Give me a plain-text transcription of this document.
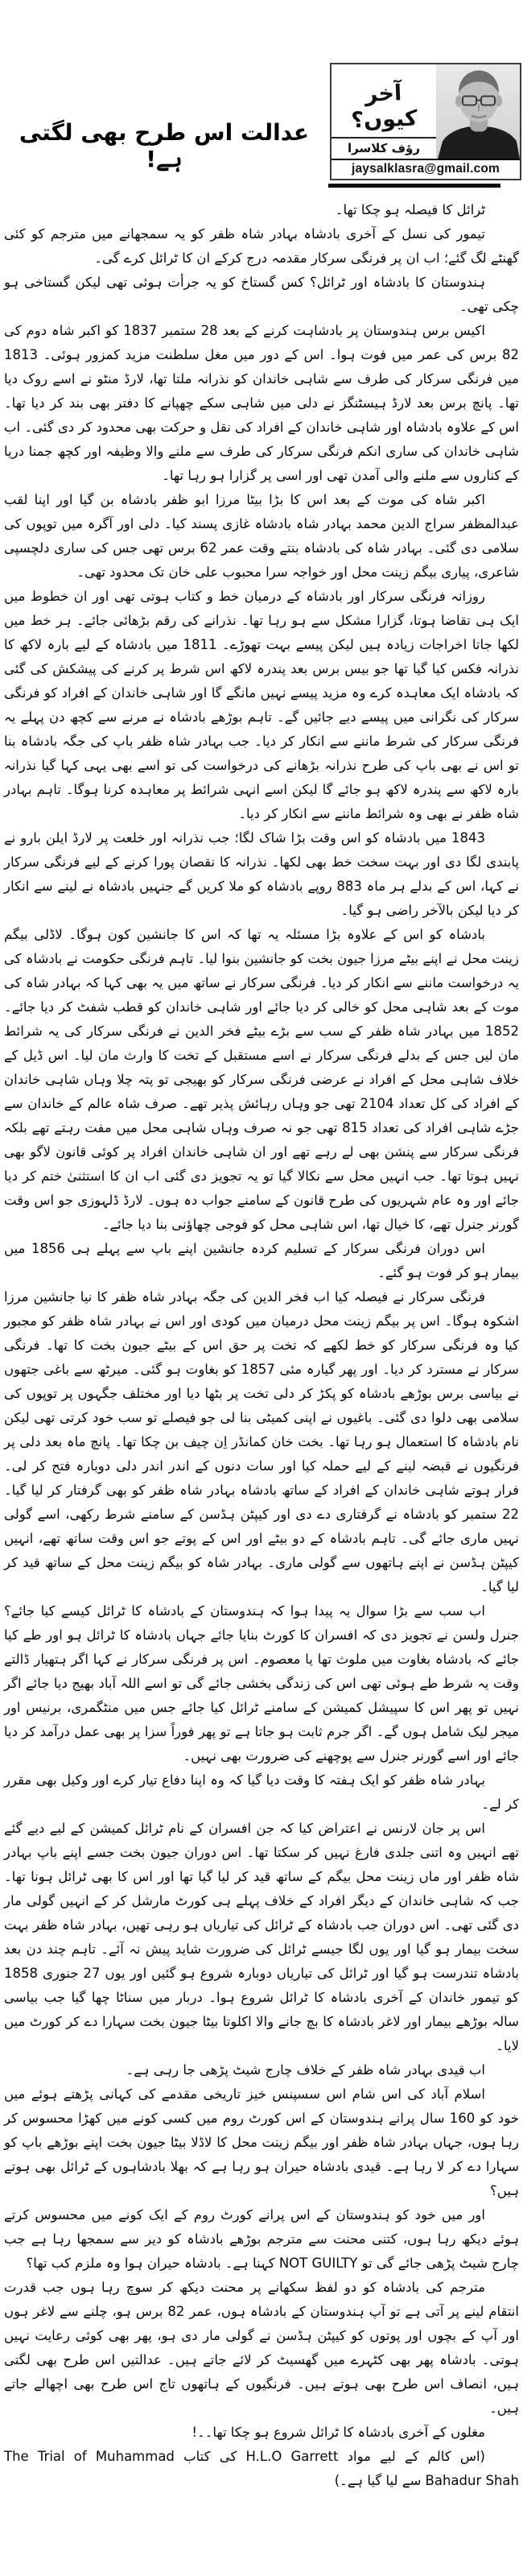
آخر کیوں؟
رؤف کلاسرا
jaysalklasra@gmail.com
عدالت اس طرح بھی لگتی ہے!

ٹرائل کا فیصلہ ہو چکا تھا۔

تیمور کی نسل کے آخری بادشاہ بہادر شاہ ظفر کو یہ سمجھانے میں مترجم کو کئی گھنٹے لگ گئے؛ اب ان پر فرنگی سرکار مقدمہ درج کرکے ان کا ٹرائل کرے گی۔

ہندوستان کا بادشاہ اور ٹرائل؟ کس گستاخ کو یہ جرأت ہوئی تھی لیکن گستاخی ہو چکی تھی۔

اکیس برس ہندوستان پر بادشاہت کرنے کے بعد 28 ستمبر 1837 کو اکبر شاہ دوم کی 82 برس کی عمر میں فوت ہوا۔ اس کے دور میں مغل سلطنت مزید کمزور ہوئی۔ 1813 میں فرنگی سرکار کی طرف سے شاہی خاندان کو نذرانہ ملتا تھا، لارڈ منٹو نے اسے روک دیا تھا۔ پانچ برس بعد لارڈ ہیسٹنگز نے دلی میں شاہی سکے چھپانے کا دفتر بھی بند کر دیا تھا۔ اس کے علاوہ بادشاہ اور شاہی خاندان کے افراد کی نقل و حرکت بھی محدود کر دی گئی۔ اب شاہی خاندان کی ساری انکم فرنگی سرکار کی طرف سے ملنے والا وظیفہ اور کچھ جمنا دریا کے کناروں سے ملنے والی آمدن تھی اور اسی پر گزارا ہو رہا تھا۔

اکبر شاہ کی موت کے بعد اس کا بڑا بیٹا مرزا ابو ظفر بادشاہ بن گیا اور اپنا لقب عبدالمظفر سراج الدین محمد بہادر شاہ بادشاہ غازی پسند کیا۔ دلی اور آگرہ میں توپوں کی سلامی دی گئی۔ بہادر شاہ کی بادشاہ بنتے وقت عمر 62 برس تھی جس کی ساری دلچسپی شاعری، پیاری بیگم زینت محل اور خواجہ سرا محبوب علی خان تک محدود تھی۔

روزانہ فرنگی سرکار اور بادشاہ کے درمیان خط و کتاب ہوتی تھی اور ان خطوط میں ایک ہی تقاضا ہوتا، گزارا مشکل سے ہو رہا تھا۔ نذرانے کی رقم بڑھائی جائے۔ ہر خط میں لکھا جاتا اخراجات زیادہ ہیں لیکن پیسے بہت تھوڑے۔ 1811 میں بادشاہ کے لیے بارہ لاکھ کا نذرانہ فکس کیا گیا تھا جو بیس برس بعد پندرہ لاکھ اس شرط پر کرنے کی پیشکش کی گئی کہ بادشاہ ایک معاہدہ کرے وہ مزید پیسے نہیں مانگے گا اور شاہی خاندان کے افراد کو فرنگی سرکار کی نگرانی میں پیسے دیے جائیں گے۔ تاہم بوڑھے بادشاہ نے مرنے سے کچھ دن پہلے یہ فرنگی سرکار کی شرط ماننے سے انکار کر دیا۔ جب بہادر شاہ ظفر باپ کی جگہ بادشاہ بنا تو اس نے بھی باپ کی طرح نذرانہ بڑھانے کی درخواست کی تو اسے بھی یہی کہا گیا نذرانہ بارہ لاکھ سے پندرہ لاکھ ہو جائے گا لیکن اسے انہی شرائط پر معاہدہ کرنا ہوگا۔ تاہم بہادر شاہ ظفر نے بھی وہ شرائط ماننے سے انکار کر دیا۔

1843 میں بادشاہ کو اس وقت بڑا شاک لگا؛ جب نذرانہ اور خلعت پر لارڈ ایلن بارو نے پابندی لگا دی اور بہت سخت خط بھی لکھا۔ نذرانہ کا نقصان پورا کرنے کے لیے فرنگی سرکار نے کہا، اس کے بدلے ہر ماہ 883 روپے بادشاہ کو ملا کریں گے جنہیں بادشاہ نے لینے سے انکار کر دیا لیکن بالآخر راضی ہو گیا۔

بادشاہ کو اس کے علاوہ بڑا مسئلہ یہ تھا کہ اس کا جانشین کون ہوگا۔ لاڈلی بیگم زینت محل نے اپنے بیٹے مرزا جیون بخت کو جانشین بنوا لیا۔ تاہم فرنگی حکومت نے بادشاہ کی یہ درخواست ماننے سے انکار کر دیا۔ فرنگی سرکار نے ساتھ میں یہ بھی کہا کہ بہادر شاہ کی موت کے بعد شاہی محل کو خالی کر دیا جائے اور شاہی خاندان کو قطب شفٹ کر دیا جائے۔ 1852 میں بہادر شاہ ظفر کے سب سے بڑے بیٹے فخر الدین نے فرنگی سرکار کی یہ شرائط مان لیں جس کے بدلے فرنگی سرکار نے اسے مستقبل کے تخت کا وارث مان لیا۔ اس ڈیل کے خلاف شاہی محل کے افراد نے عرضی فرنگی سرکار کو بھیجی تو پتہ چلا وہاں شاہی خاندان کے افراد کی کل تعداد 2104 تھی جو وہاں رہائش پذیر تھے۔ صرف شاہ عالم کے خاندان سے جڑے شاہی افراد کی تعداد 815 تھی جو نہ صرف وہاں شاہی محل میں مفت رہتے تھے بلکہ فرنگی سرکار سے پنشن بھی لے رہے تھے اور ان شاہی خاندان افراد پر کوئی قانون لاگو بھی نہیں ہوتا تھا۔ جب انہیں محل سے نکالا گیا تو یہ تجویز دی گئی اب ان کا استثنیٰ ختم کر دیا جائے اور وہ عام شہریوں کی طرح قانون کے سامنے جواب دہ ہوں۔ لارڈ ڈلہوزی جو اس وقت گورنر جنرل تھے، کا خیال تھا، اس شاہی محل کو فوجی چھاؤنی بنا دیا جائے۔

اس دوران فرنگی سرکار کے تسلیم کردہ جانشین اپنے باپ سے پہلے ہی 1856 میں بیمار ہو کر فوت ہو گئے۔

فرنگی سرکار نے فیصلہ کیا اب فخر الدین کی جگہ بہادر شاہ ظفر کا نیا جانشین مرزا اشکوہ ہوگا۔ اس پر بیگم زینت محل درمیان میں کودی اور اس نے بہادر شاہ ظفر کو مجبور کیا وہ فرنگی سرکار کو خط لکھے کہ تخت پر حق اس کے بیٹے جیون بخت کا تھا۔ فرنگی سرکار نے مسترد کر دیا۔ اور پھر گیارہ مئی 1857 کو بغاوت ہو گئی۔ میرٹھ سے باغی جتھوں نے بیاسی برس بوڑھے بادشاہ کو پکڑ کر دلی تخت پر بٹھا دیا اور مختلف جگہوں پر توپوں کی سلامی بھی دلوا دی گئی۔ باغیوں نے اپنی کمیٹی بنا لی جو فیصلے تو سب خود کرتی تھی لیکن نام بادشاہ کا استعمال ہو رہا تھا۔ بخت خان کمانڈر اِن چیف بن چکا تھا۔ پانچ ماہ بعد دلی پر فرنگیوں نے قبضہ لینے کے لیے حملہ کیا اور سات دنوں کے اندر اندر دلی دوبارہ فتح کر لی۔ فرار ہوتے شاہی خاندان کے افراد کے ساتھ بادشاہ بہادر شاہ ظفر کو بھی گرفتار کر لیا گیا۔ 22 ستمبر کو بادشاہ نے گرفتاری دے دی اور کیپٹن ہڈسن کے سامنے شرط رکھی، اسے گولی نہیں ماری جائے گی۔ تاہم بادشاہ کے دو بیٹے اور اس کے پوتے جو اس وقت ساتھ تھے، انہیں کیپٹن ہڈسن نے اپنے ہاتھوں سے گولی ماری۔ بہادر شاہ کو بیگم زینت محل کے ساتھ قید کر لیا گیا۔

اب سب سے بڑا سوال یہ پیدا ہوا کہ ہندوستان کے بادشاہ کا ٹرائل کیسے کیا جائے؟ جنرل ولسن نے تجویز دی کہ افسران کا کورٹ بنایا جائے جہاں بادشاہ کا ٹرائل ہو اور طے کیا جائے کہ بادشاہ بغاوت میں ملوث تھا یا معصوم۔ اس پر فرنگی سرکار نے کہا اگر ہتھیار ڈالتے وقت یہ شرط طے ہوئی تھی اس کی زندگی بخشی جائے گی تو اسے اللہ آباد بھیج دیا جائے اگر نہیں تو پھر اس کا سپیشل کمیشن کے سامنے ٹرائل کیا جائے جس میں منٹگمری، برنیس اور میجر لیک شامل ہوں گے۔ اگر جرم ثابت ہو جاتا ہے تو پھر فوراً سزا پر بھی عمل درآمد کر دیا جائے اور اسے گورنر جنرل سے پوچھنے کی ضرورت بھی نہیں۔

بہادر شاہ ظفر کو ایک ہفتہ کا وقت دیا گیا کہ وہ اپنا دفاع تیار کرے اور وکیل بھی مقرر کر لے۔

اس پر جان لارنس نے اعتراض کیا کہ جن افسران کے نام ٹرائل کمیشن کے لیے دیے گئے تھے انہیں وہ اتنی جلدی فارغ نہیں کر سکتا تھا۔ اس دوران جیون بخت جسے اپنے باپ بہادر شاہ ظفر اور ماں زینت محل بیگم کے ساتھ قید کر لیا گیا تھا اور اس کا بھی ٹرائل ہونا تھا۔ جب کہ شاہی خاندان کے دیگر افراد کے خلاف پہلے ہی کورٹ مارشل کر کے انہیں گولی مار دی گئی تھی۔ اس دوران جب بادشاہ کے ٹرائل کی تیاریاں ہو رہی تھیں، بہادر شاہ ظفر بہت سخت بیمار ہو گیا اور یوں لگا جیسے ٹرائل کی ضرورت شاید پیش نہ آئے۔ تاہم چند دن بعد بادشاہ تندرست ہو گیا اور ٹرائل کی تیاریاں دوبارہ شروع ہو گئیں اور یوں 27 جنوری 1858 کو تیمور خاندان کے آخری بادشاہ کا ٹرائل شروع ہوا۔ دربار میں سناٹا چھا گیا جب بیاسی سالہ بوڑھے بیمار اور لاغر بادشاہ کا بچ جانے والا اکلوتا بیٹا جیون بخت سہارا دے کر کورٹ میں لایا۔

اب قیدی بہادر شاہ ظفر کے خلاف چارج شیٹ پڑھی جا رہی ہے۔

اسلام آباد کی اس شام اس سسپنس خیز تاریخی مقدمے کی کہانی پڑھتے ہوئے میں خود کو 160 سال پرانے ہندوستان کے اس کورٹ روم میں کسی کونے میں کھڑا محسوس کر رہا ہوں، جہاں بہادر شاہ ظفر اور بیگم زینت محل کا لاڈلا بیٹا جیون بخت اپنے بوڑھے باپ کو سہارا دے کر لا رہا ہے۔ قیدی بادشاہ حیران ہو رہا ہے کہ بھلا بادشاہوں کے ٹرائل بھی ہوتے ہیں؟

اور میں خود کو ہندوستان کے اس پرانے کورٹ روم کے ایک کونے میں محسوس کرتے ہوئے دیکھ رہا ہوں، کتنی محنت سے مترجم بوڑھے بادشاہ کو دیر سے سمجھا رہا ہے جب چارج شیٹ پڑھی جائے گی تو NOT GUILTY کہنا ہے۔ بادشاہ حیران ہوا وہ ملزم کب تھا؟

مترجم کی بادشاہ کو دو لفظ سکھانے پر محنت دیکھ کر سوچ رہا ہوں جب قدرت انتقام لینے پر آتی ہے تو آپ ہندوستان کے بادشاہ ہوں، عمر 82 برس ہو، چلنے سے لاغر ہوں اور آپ کے بچوں اور پوتوں کو کیپٹن ہڈسن نے گولی مار دی ہو، پھر بھی کوئی رعایت نہیں ہوتی۔ بادشاہ پھر بھی کٹہرے میں گھسیٹ کر لائے جاتے ہیں۔ عدالتیں اس طرح بھی لگتی ہیں، انصاف اس طرح بھی ہوتے ہیں۔ فرنگیوں کے ہاتھوں تاج اس طرح بھی اچھالے جاتے ہیں۔

مغلوں کے آخری بادشاہ کا ٹرائل شروع ہو چکا تھا۔۔!

(اس کالم کے لیے مواد H.L.O Garrett کی کتاب The Trial of Muhammad Bahadur Shah سے لیا گیا ہے۔)
